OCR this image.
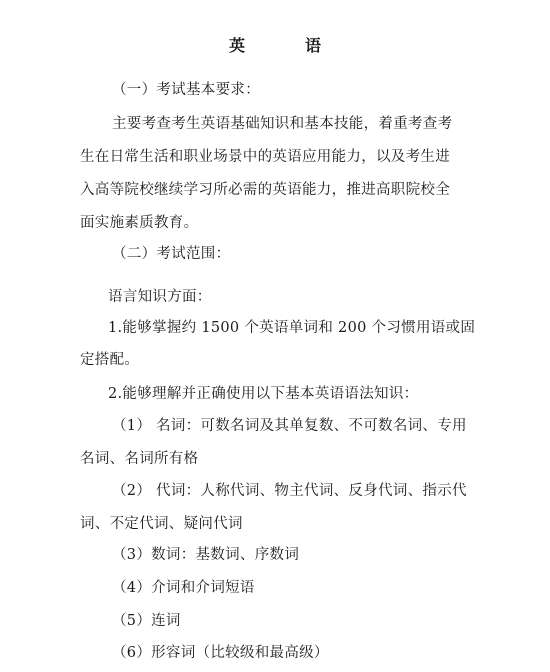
英　语
（一）考试基本要求：
主要考查考生英语基础知识和基本技能，着重考查考
生在日常生活和职业场景中的英语应用能力，以及考生进
入高等院校继续学习所必需的英语能力，推进高职院校全
面实施素质教育。
（二）考试范围：
语言知识方面：
1.能够掌握约 1500 个英语单词和 200 个习惯用语或固
定搭配。
2.能够理解并正确使用以下基本英语语法知识：
（1） 名词：可数名词及其单复数、不可数名词、专用
名词、名词所有格
（2） 代词：人称代词、物主代词、反身代词、指示代
词、不定代词、疑问代词
（3）数词：基数词、序数词
（4）介词和介词短语
（5）连词
（6）形容词（比较级和最高级）
